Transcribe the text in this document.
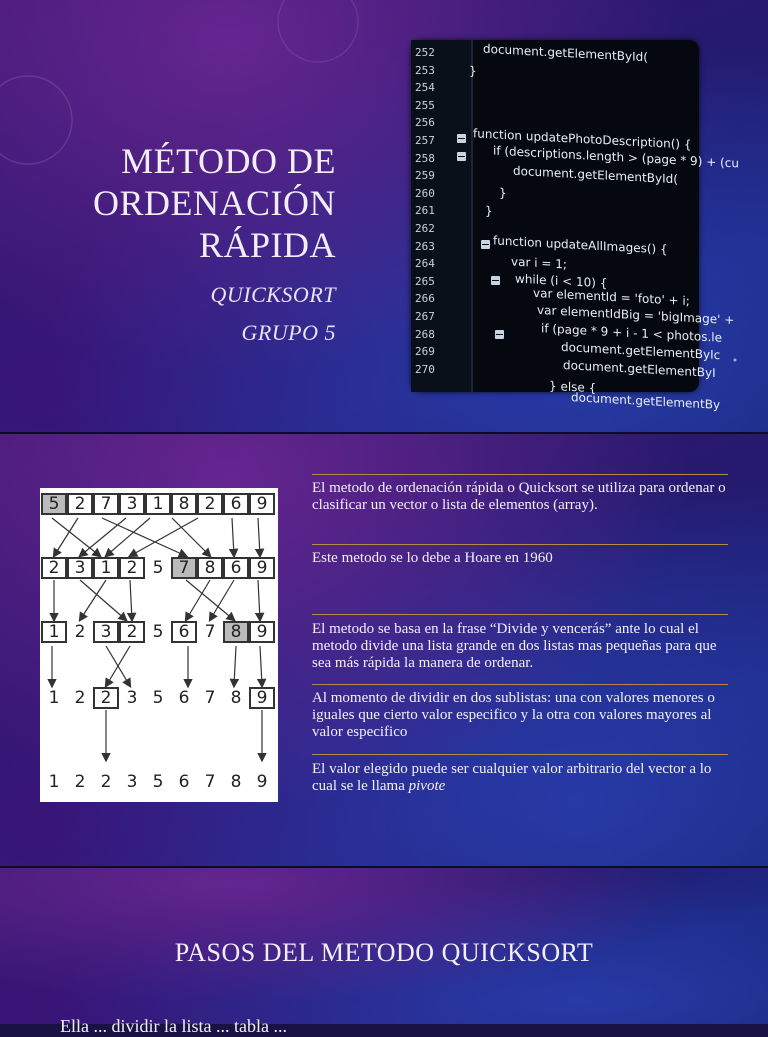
MÉTODO DE
ORDENACIÓN
RÁPIDA
QUICKSORT
GRUPO 5
252
253
254
255
256
257
258
259
260
261
262
263
264
265
266
267
268
269
270
document.getElementById(
}
function updatePhotoDescription() {
if (descriptions.length > (page * 9) + (cu
document.getElementById(
}
}
function updateAllImages() {
var i = 1;
while (i < 10) {
var elementId = 'foto' + i;
var elementIdBig = 'bigImage' +
if (page * 9 + i - 1 < photos.le
document.getElementByIc
document.getElementByI
} else {
document.getElementBy
5 2 7 3 1 8 2 6 9
2 3 1 2 5 7 8 6 9
1 2 3 2 5 6 7 8 9
1 2 2 3 5 6 7 8 9
1 2 2 3 5 6 7 8 9
El metodo de ordenación rápida o Quicksort se utiliza para ordenar o clasificar un vector o lista de elementos (array).
Este metodo se lo debe a Hoare en 1960
El metodo se basa en la frase “Divide y vencerás” ante lo cual el metodo divide una lista grande en dos listas mas pequeñas para que sea más rápida la manera de ordenar.
Al momento de dividir en dos sublistas: una con valores menores o iguales que cierto valor especifico y la otra con valores mayores al valor especifico
El valor elegido puede ser cualquier valor arbitrario del vector a lo cual se le llama pivote
PASOS DEL METODO QUICKSORT
Ella ... dividir la lista ... tabla ...
